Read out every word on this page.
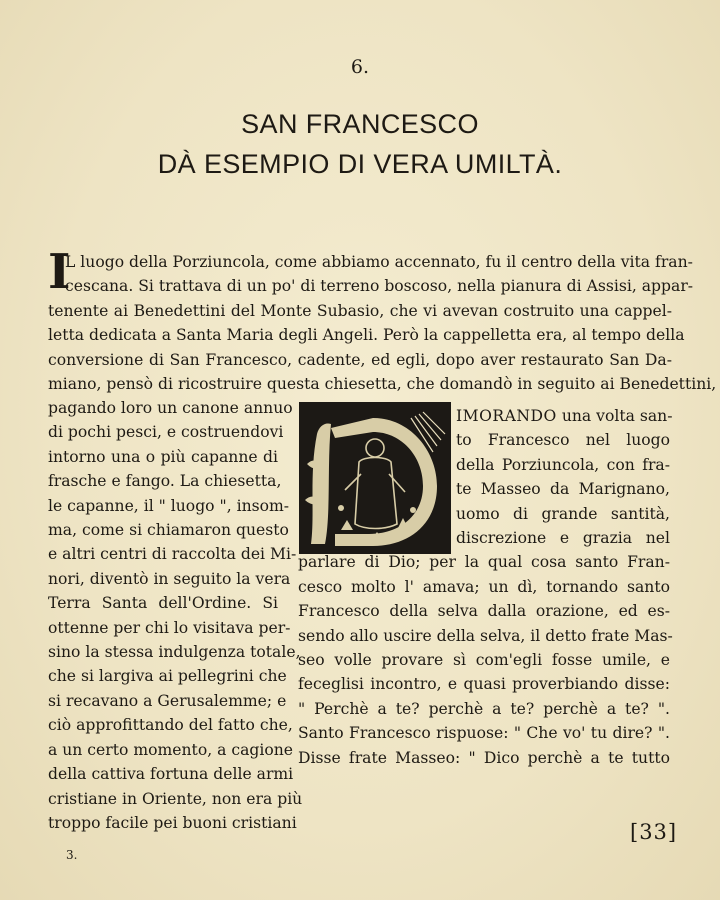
6.
SAN FRANCESCO
DÀ ESEMPIO DI VERA UMILTÀ.
I
L luogo della Porziuncola, come abbiamo accennato, fu il centro della vita fran-
cescana. Si trattava di un po' di terreno boscoso, nella pianura di Assisi, appar-
tenente ai Benedettini del Monte Subasio, che vi avevan costruito una cappel-
letta dedicata a Santa Maria degli Angeli. Però la cappelletta era, al tempo della
conversione di San Francesco, cadente, ed egli, dopo aver restaurato San Da-
miano, pensò di ricostruire questa chiesetta, che domandò in seguito ai Benedettini,
pagando loro un canone annuo
di pochi pesci, e costruendovi
intorno una o più capanne di
frasche e fango. La chiesetta,
le capanne, il " luogo ", insom-
ma, come si chiamaron questo
e altri centri di raccolta dei Mi-
nori, diventò in seguito la vera
Terra Santa dell'Ordine. Si
ottenne per chi lo visitava per-
sino la stessa indulgenza totale,
che si largiva ai pellegrini che
si recavano a Gerusalemme; e
ciò approfittando del fatto che,
a un certo momento, a cagione
della cattiva fortuna delle armi
cristiane in Oriente, non era più
troppo facile pei buoni cristiani
IMORANDO una volta san-
to Francesco nel luogo
della Porziuncola, con fra-
te Masseo da Marignano,
uomo di grande santità,
discrezione e grazia nel
parlare di Dio; per la qual cosa santo Fran-
cesco molto l' amava; un dì, tornando santo
Francesco della selva dalla orazione, ed es-
sendo allo uscire della selva, il detto frate Mas-
seo volle provare sì com'egli fosse umile, e
feceglisi incontro, e quasi proverbiando disse:
" Perchè a te? perchè a te? perchè a te? ".
Santo Francesco rispuose: " Che vo' tu dire? ".
Disse frate Masseo: " Dico perchè a te tutto
[33]
3.
